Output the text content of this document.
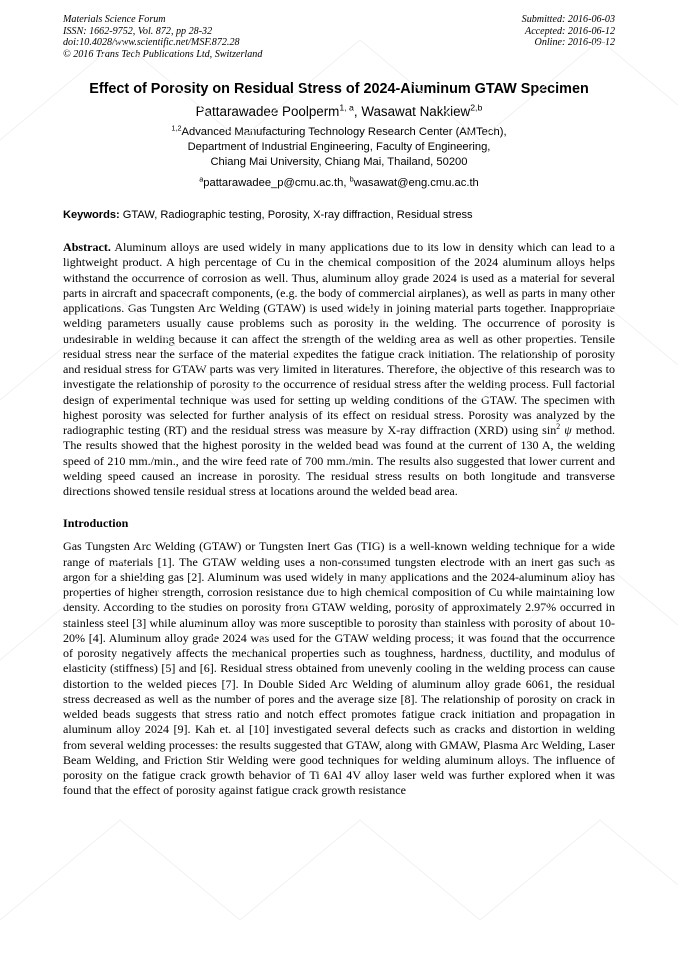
Materials Science Forum
ISSN: 1662-9752, Vol. 872, pp 28-32
doi:10.4028/www.scientific.net/MSF.872.28
© 2016 Trans Tech Publications Ltd, Switzerland
Submitted: 2016-06-03
Accepted: 2016-06-12
Online: 2016-09-12
Effect of Porosity on Residual Stress of 2024-Aluminum GTAW Specimen
Pattarawadee Poolperm$^{1, a}$, Wasawat Nakkiew$^{2,b}$
$^{1,2}$Advanced Manufacturing Technology Research Center (AMTech),
Department of Industrial Engineering, Faculty of Engineering,
Chiang Mai University, Chiang Mai, Thailand, 50200
$^a$pattarawadee_p@cmu.ac.th, $^b$wasawat@eng.cmu.ac.th
Keywords: GTAW, Radiographic testing, Porosity, X-ray diffraction, Residual stress
Abstract. Aluminum alloys are used widely in many applications due to its low in density which can lead to a lightweight product. A high percentage of Cu in the chemical composition of the 2024 aluminum alloys helps withstand the occurrence of corrosion as well. Thus, aluminum alloy grade 2024 is used as a material for several parts in aircraft and spacecraft components, (e.g. the body of commercial airplanes), as well as parts in many other applications. Gas Tungsten Arc Welding (GTAW) is used widely in joining material parts together. Inappropriate welding parameters usually cause problems such as porosity in the welding. The occurrence of porosity is undesirable in welding because it can affect the strength of the welding area as well as other properties. Tensile residual stress near the surface of the material expedites the fatigue crack initiation. The relationship of porosity and residual stress for GTAW parts was very limited in literatures. Therefore, the objective of this research was to investigate the relationship of porosity to the occurrence of residual stress after the welding process. Full factorial design of experimental technique was used for setting up welding conditions of the GTAW. The specimen with highest porosity was selected for further analysis of its effect on residual stress. Porosity was analyzed by the radiographic testing (RT) and the residual stress was measure by X-ray diffraction (XRD) using $\sin^2 \psi$ method. The results showed that the highest porosity in the welded bead was found at the current of 130 A, the welding speed of 210 mm./min., and the wire feed rate of 700 mm./min. The results also suggested that lower current and welding speed caused an increase in porosity. The residual stress results on both longitude and transverse directions showed tensile residual stress at locations around the welded bead area.
Introduction
Gas Tungsten Arc Welding (GTAW) or Tungsten Inert Gas (TIG) is a well-known welding technique for a wide range of materials [1]. The GTAW welding uses a non-consumed tungsten electrode with an inert gas such as argon for a shielding gas [2]. Aluminum was used widely in many applications and the 2024-aluminum alloy has properties of higher strength, corrosion resistance due to high chemical composition of Cu while maintaining low density. According to the studies on porosity from GTAW welding, porosity of approximately 2.97% occurred in stainless steel [3] while aluminum alloy was more susceptible to porosity than stainless with porosity of about 10-20% [4]. Aluminum alloy grade 2024 was used for the GTAW welding process; it was found that the occurrence of porosity negatively affects the mechanical properties such as toughness, hardness, ductility, and modulus of elasticity (stiffness) [5] and [6]. Residual stress obtained from unevenly cooling in the welding process can cause distortion to the welded pieces [7]. In Double Sided Arc Welding of aluminum alloy grade 6061, the residual stress decreased as well as the number of pores and the average size [8]. The relationship of porosity on crack in welded beads suggests that stress ratio and notch effect promotes fatigue crack initiation and propagation in aluminum alloy 2024 [9]. Kah et. al [10] investigated several defects such as cracks and distortion in welding from several welding processes: the results suggested that GTAW, along with GMAW, Plasma Arc Welding, Laser Beam Welding, and Friction Stir Welding were good techniques for welding aluminum alloys. The influence of porosity on the fatigue crack growth behavior of Ti 6Al 4V alloy laser weld was further explored when it was found that the effect of porosity against fatigue crack growth resistance
